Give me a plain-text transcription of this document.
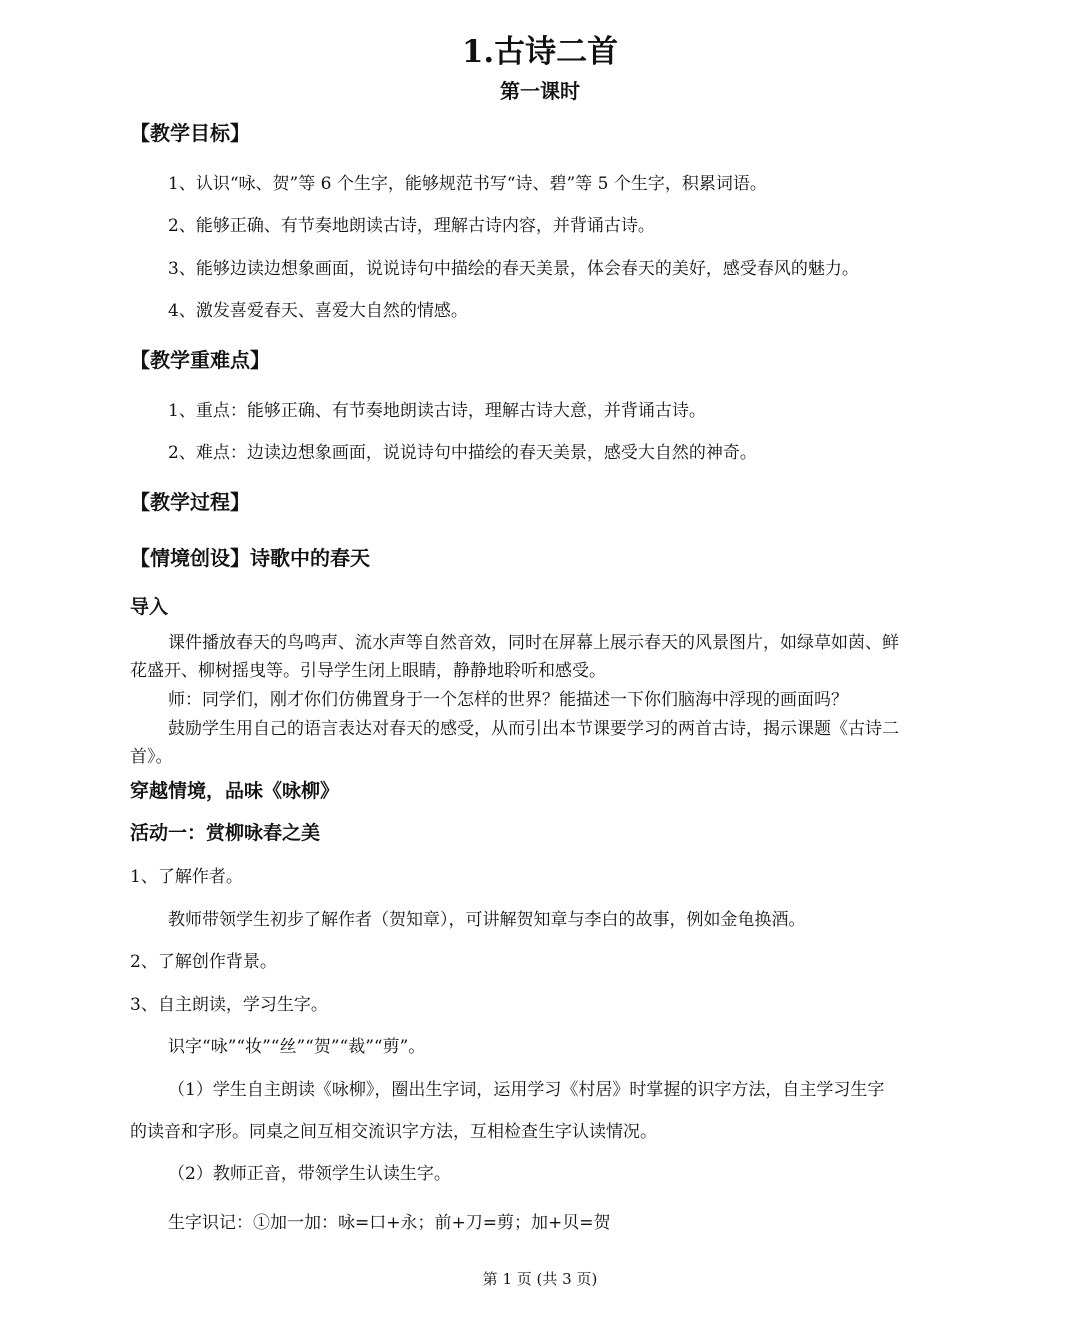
1.古诗二首
第一课时
【教学目标】
1、认识“咏、贺”等 6 个生字，能够规范书写“诗、碧”等 5 个生字，积累词语。
2、能够正确、有节奏地朗读古诗，理解古诗内容，并背诵古诗。
3、能够边读边想象画面，说说诗句中描绘的春天美景，体会春天的美好，感受春风的魅力。
4、激发喜爱春天、喜爱大自然的情感。
【教学重难点】
1、重点：能够正确、有节奏地朗读古诗，理解古诗大意，并背诵古诗。
2、难点：边读边想象画面，说说诗句中描绘的春天美景，感受大自然的神奇。
【教学过程】
【情境创设】诗歌中的春天
导入
课件播放春天的鸟鸣声、流水声等自然音效，同时在屏幕上展示春天的风景图片，如绿草如茵、鲜
花盛开、柳树摇曳等。引导学生闭上眼睛，静静地聆听和感受。
师：同学们，刚才你们仿佛置身于一个怎样的世界？能描述一下你们脑海中浮现的画面吗？
鼓励学生用自己的语言表达对春天的感受，从而引出本节课要学习的两首古诗，揭示课题《古诗二
首》。
穿越情境，品味《咏柳》
活动一：赏柳咏春之美
1、了解作者。
教师带领学生初步了解作者（贺知章），可讲解贺知章与李白的故事，例如金龟换酒。
2、了解创作背景。
3、自主朗读，学习生字。
识字“咏”“妆”“丝”“贺”“裁”“剪”。
（1）学生自主朗读《咏柳》，圈出生字词，运用学习《村居》时掌握的识字方法，自主学习生字
的读音和字形。同桌之间互相交流识字方法，互相检查生字认读情况。
（2）教师正音，带领学生认读生字。
生字识记：①加一加：咏=口+永；前+刀=剪；加+贝=贺
第 1 页 (共 3 页)
